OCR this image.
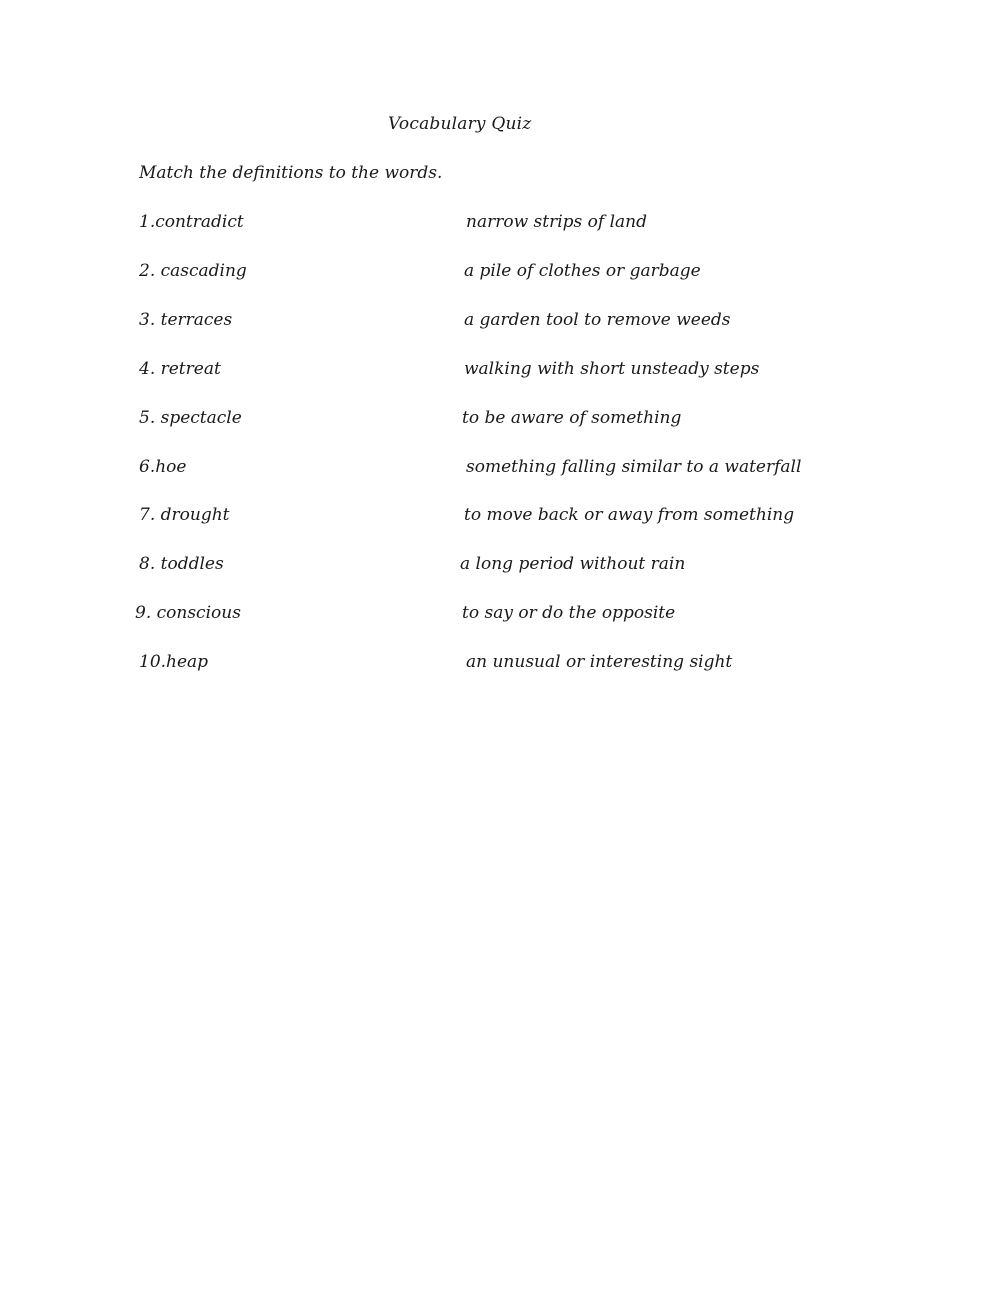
Vocabulary Quiz
Match the definitions to the words.
1.contradict	narrow strips of land
2. cascading	a pile of clothes or garbage
3. terraces	a garden tool to remove weeds
4. retreat	walking with short unsteady steps
5. spectacle	to be aware of something
6.hoe	something falling similar to a waterfall
7. drought	to move back or away from something
8. toddles	a long period without rain
9. conscious	to say or do the opposite
10.heap	an unusual or interesting sight
